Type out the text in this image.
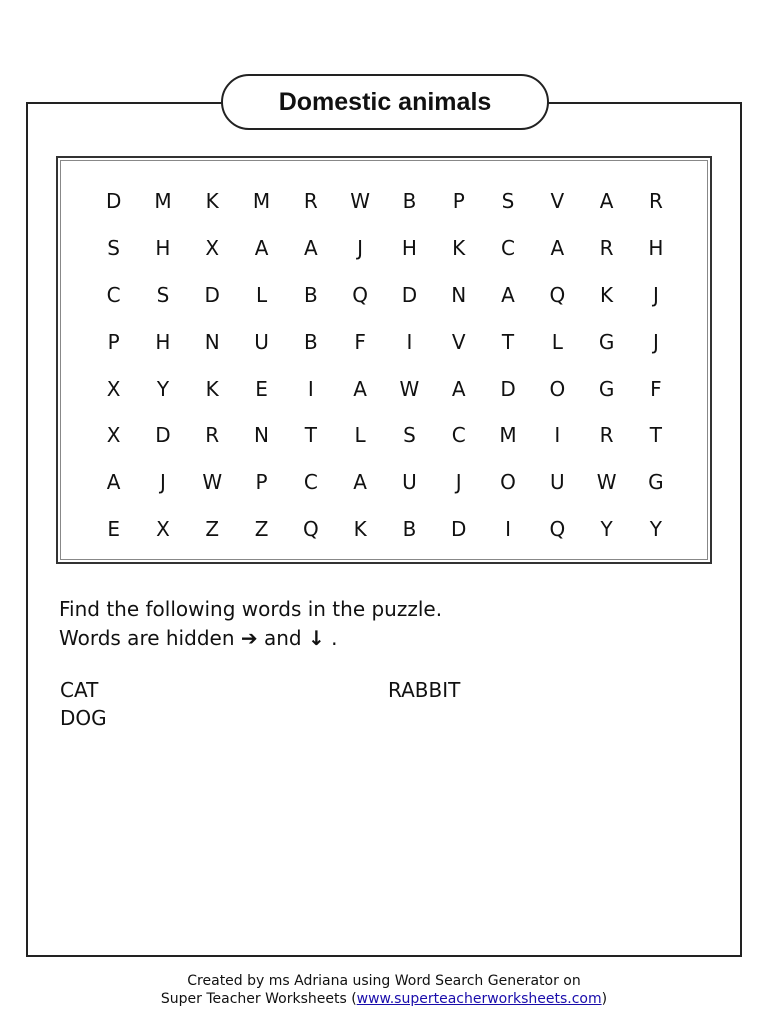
Domestic animals
D	M	K	M	R	W	B	P	S	V	A	R
S	H	X	A	A	J	H	K	C	A	R	H
C	S	D	L	B	Q	D	N	A	Q	K	J
P	H	N	U	B	F	I	V	T	L	G	J
X	Y	K	E	I	A	W	A	D	O	G	F
X	D	R	N	T	L	S	C	M	I	R	T
A	J	W	P	C	A	U	J	O	U	W	G
E	X	Z	Z	Q	K	B	D	I	Q	Y	Y
Find the following words in the puzzle.
Words are hidden ➔ and ↓ .
CAT
DOG
RABBIT
Created by ms Adriana using Word Search Generator on
Super Teacher Worksheets (www.superteacherworksheets.com)
